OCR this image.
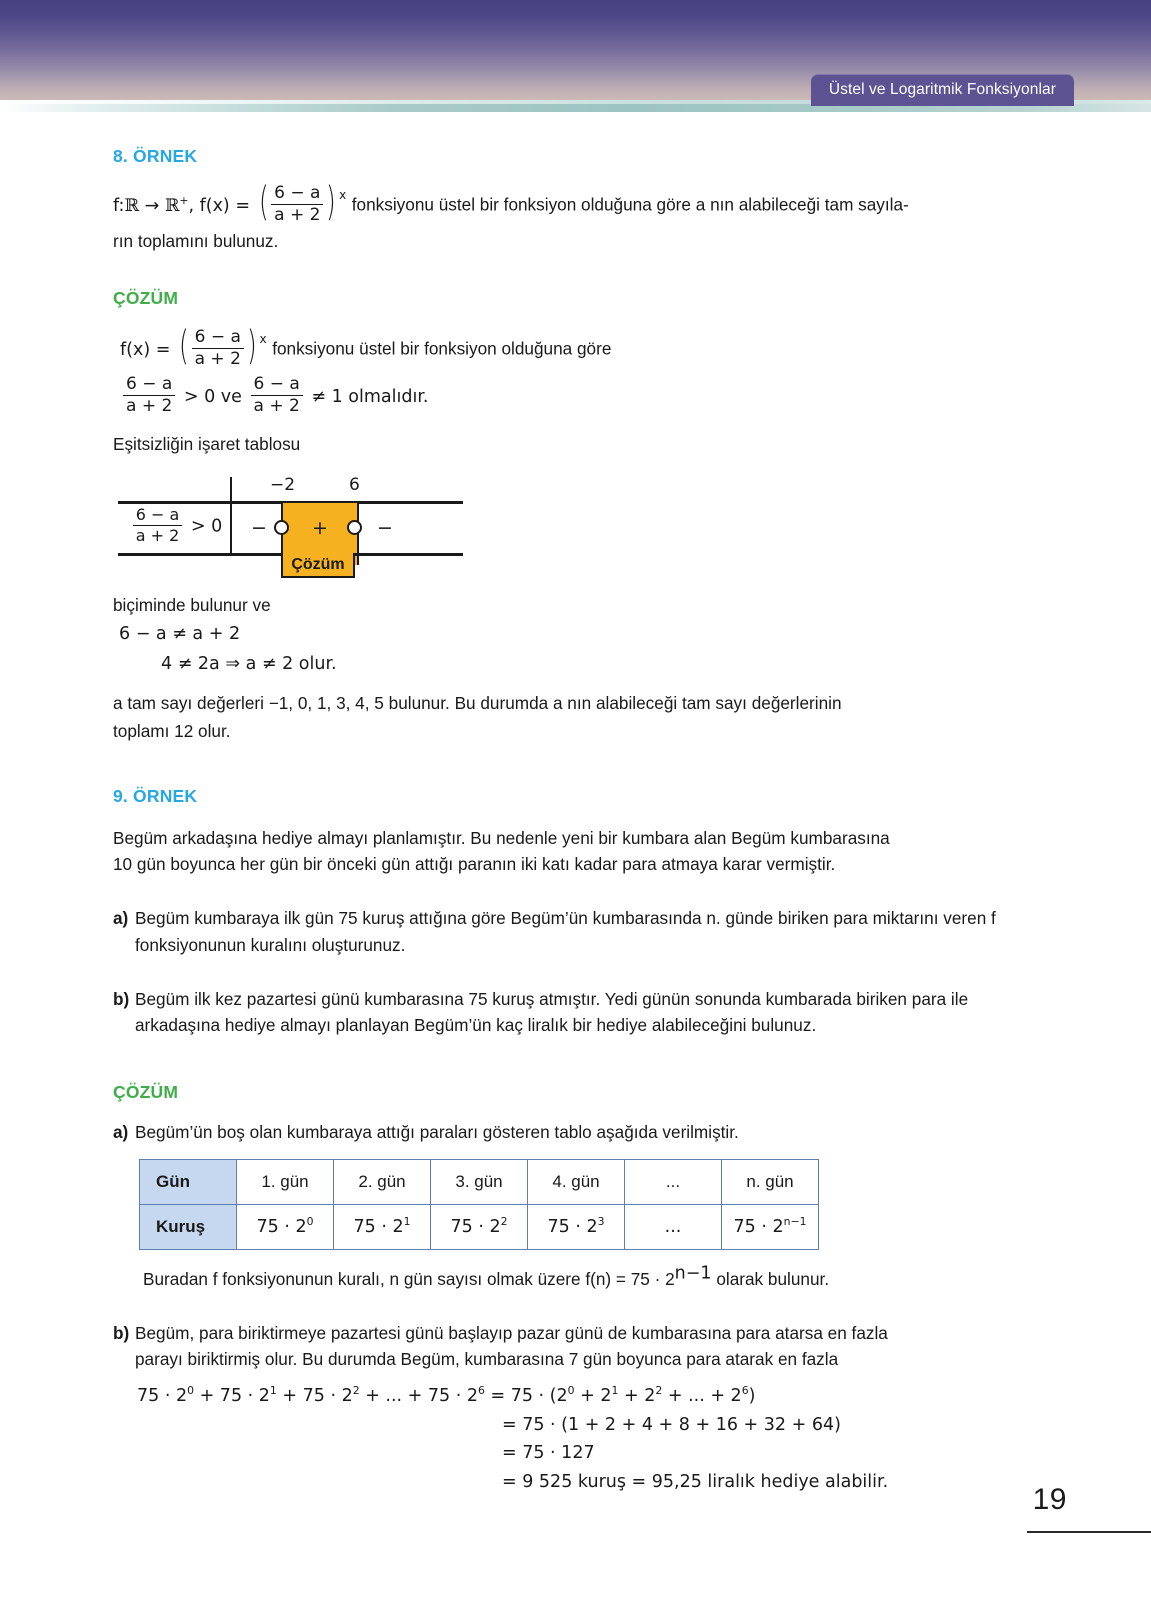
Üstel ve Logaritmik Fonksiyonlar
8. ÖRNEK
f:ℝ → ℝ+, f(x) = ( $\frac{6 - a}{a + 2}$ ) x fonksiyonu üstel bir fonksiyon olduğuna göre a nın alabileceği tam sayıla-
rın toplamını bulunuz.
ÇÖZÜM
f(x) = ( $\frac{6 - a}{a + 2}$ ) x fonksiyonu üstel bir fonksiyon olduğuna göre
$\frac{6 - a}{a + 2} > 0$ ve $\frac{6 - a}{a + 2} \ne 1$ olmalıdır.
Eşitsizliğin işaret tablosu
$\frac{6 - a}{a + 2} > 0$
−2	6
− +	−
Çözüm
biçiminde bulunur ve
6 − a ≠ a + 2
4 ≠ 2a ⇒ a ≠ 2 olur.
a tam sayı değerleri −1, 0, 1, 3, 4, 5 bulunur. Bu durumda a nın alabileceği tam sayı değerlerinin
toplamı 12 olur.
9. ÖRNEK
Begüm arkadaşına hediye almayı planlamıştır. Bu nedenle yeni bir kumbara alan Begüm kumbarasına
10 gün boyunca her gün bir önceki gün attığı paranın iki katı kadar para atmaya karar vermiştir.
a) Begüm kumbaraya ilk gün 75 kuruş attığına göre Begüm’ün kumbarasında n. günde biriken para miktarını veren f fonksiyonunun kuralını oluşturunuz.
b) Begüm ilk kez pazartesi günü kumbarasına 75 kuruş atmıştır. Yedi günün sonunda kumbarada biriken para ile arkadaşına hediye almayı planlayan Begüm’ün kaç liralık bir hediye alabileceğini bulunuz.
ÇÖZÜM
a) Begüm’ün boş olan kumbaraya attığı paraları gösteren tablo aşağıda verilmiştir.
Gün	1. gün	2. gün	3. gün	4. gün	...	n. gün
Kuruş	$75 \cdot 2^0$	$75 \cdot 2^1$	$75 \cdot 2^2$	$75 \cdot 2^3$	...	$75 \cdot 2^{n-1}$
Buradan f fonksiyonunun kuralı, n gün sayısı olmak üzere $f(n) = 75 \cdot 2^{n-1}$ olarak bulunur.
b) Begüm, para biriktirmeye pazartesi günü başlayıp pazar günü de kumbarasına para atarsa en fazla
parayı biriktirmiş olur. Bu durumda Begüm, kumbarasına 7 gün boyunca para atarak en fazla
$75 \cdot 2^0 + 75 \cdot 2^1 + 75 \cdot 2^2$ + ... + $75 \cdot 2^6 = 75 \cdot (2^0 + 2^1 + 2^2$ + ... + $2^6$)
= 75 · (1 + 2 + 4 + 8 + 16 + 32 + 64)
= 75 · 127
= 9 525 kuruş = 95,25 liralık hediye alabilir.
19
